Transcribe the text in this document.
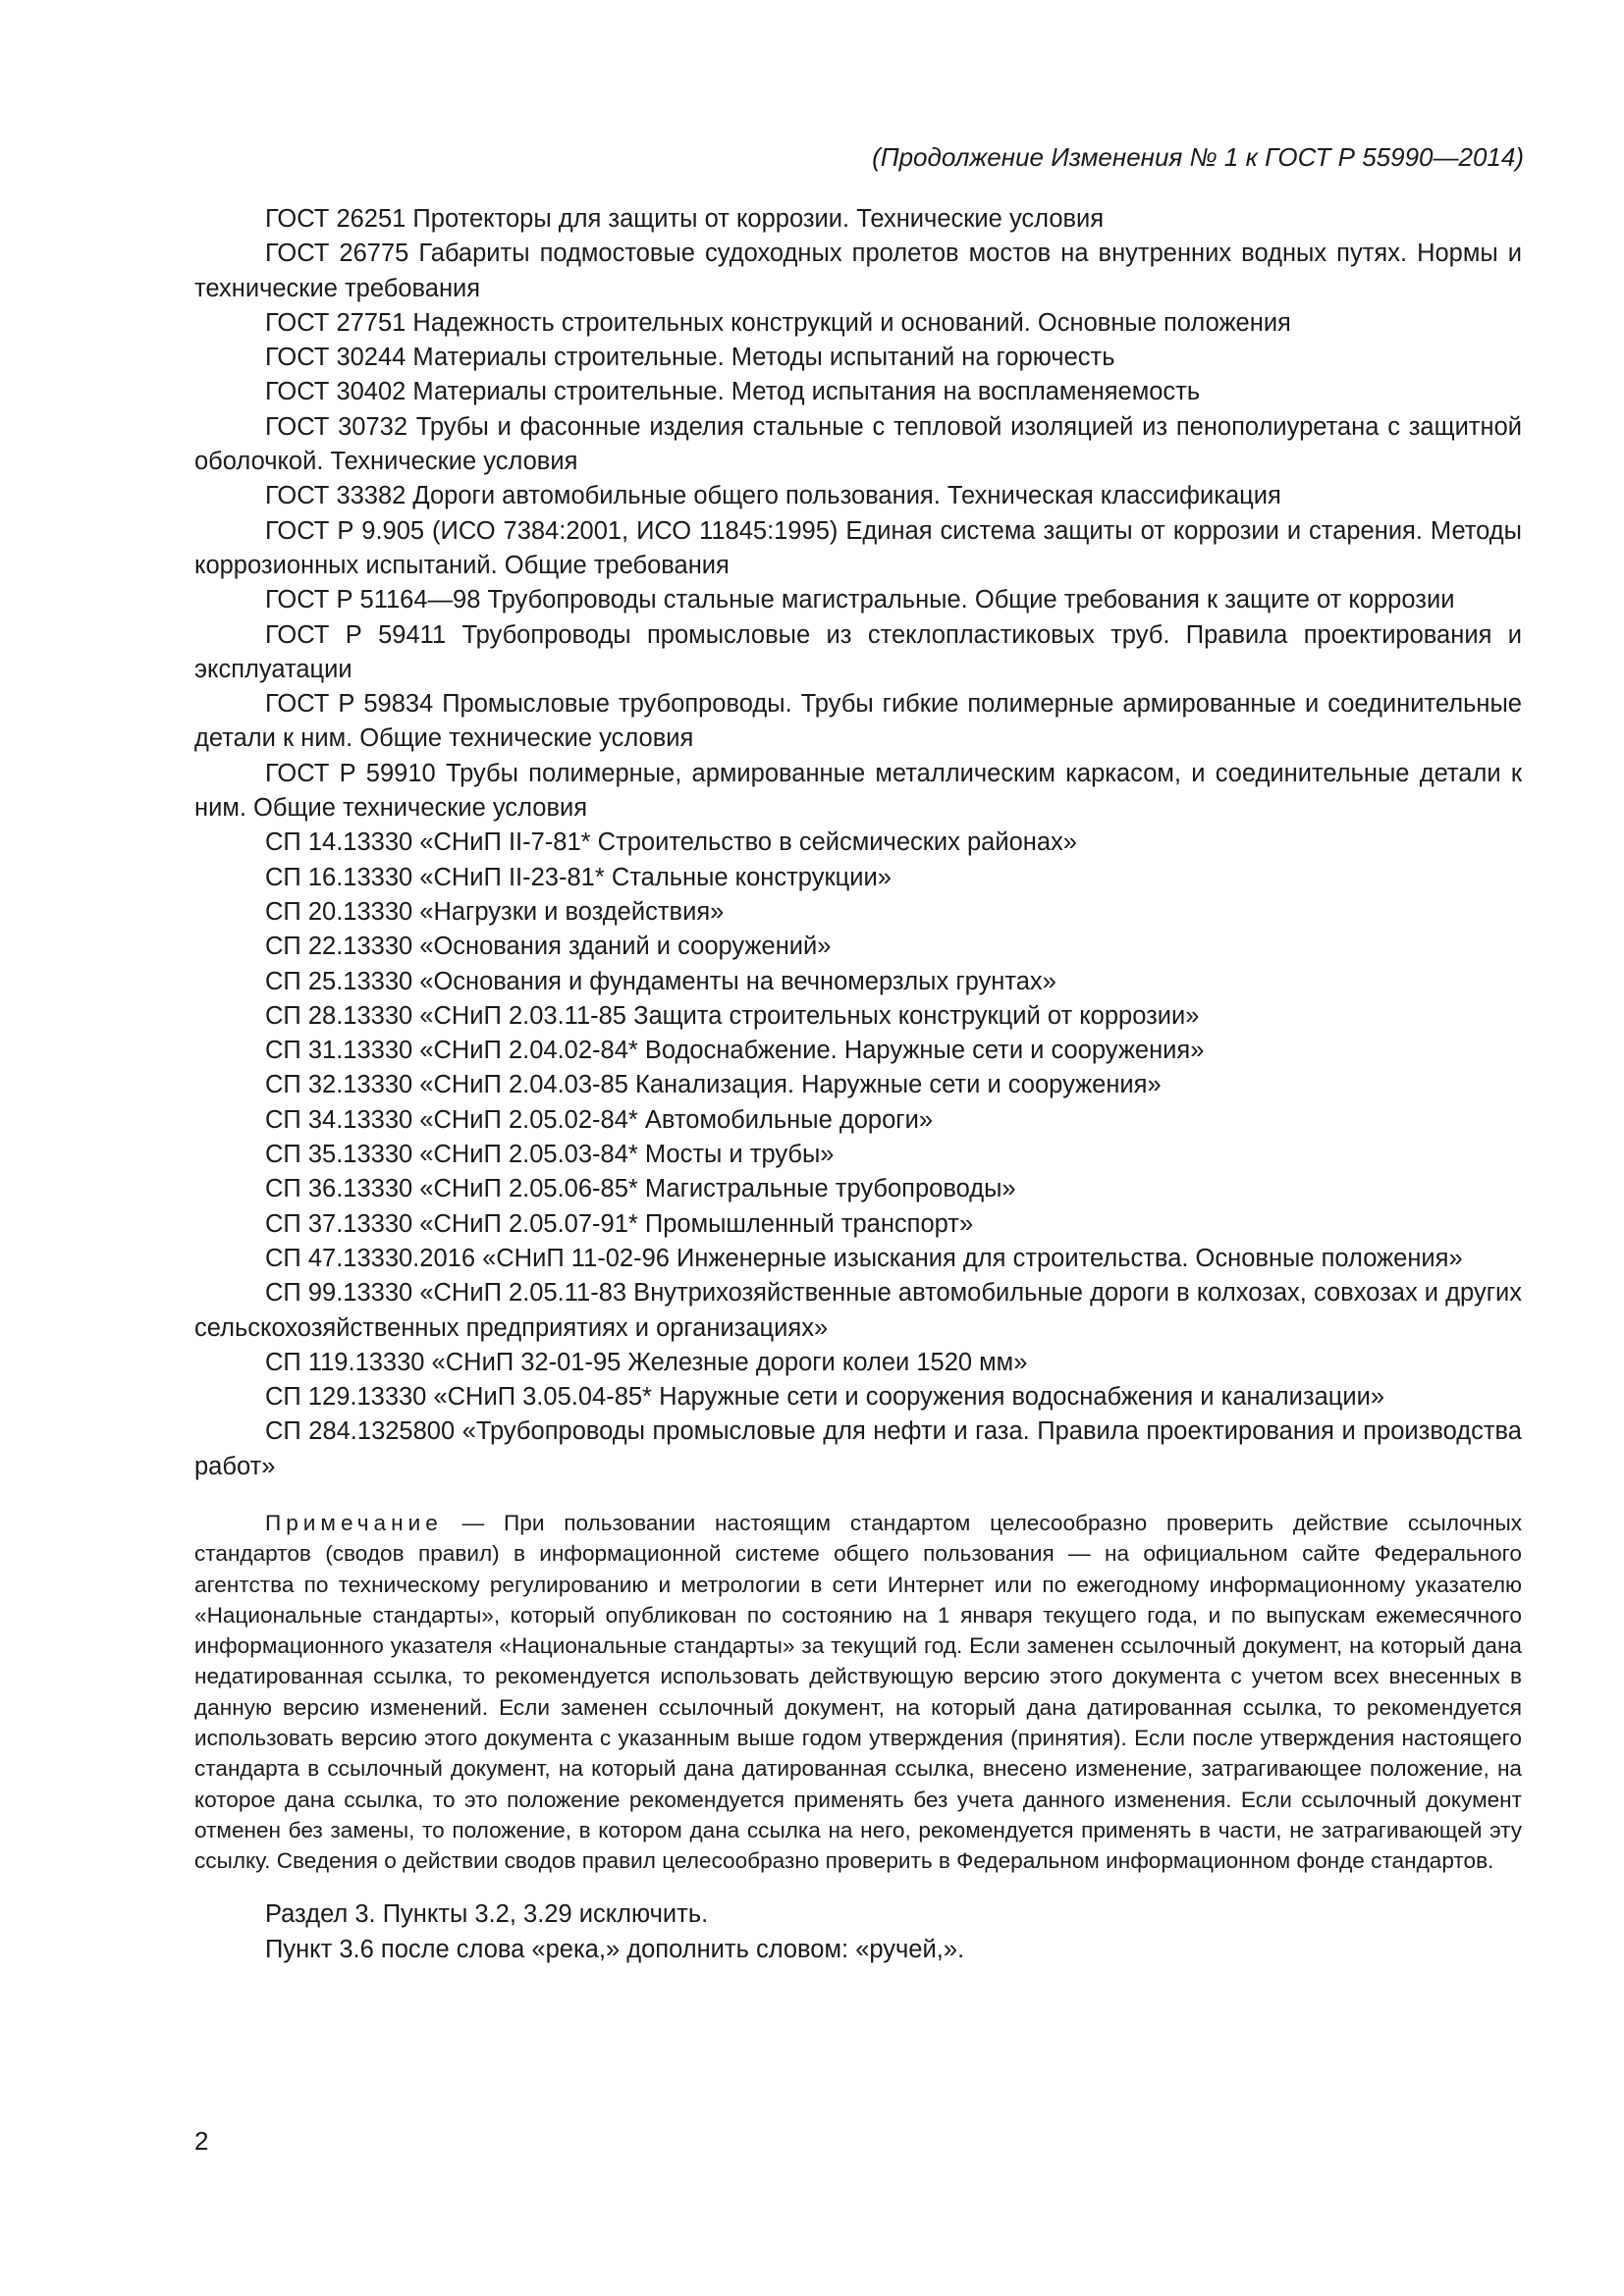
(Продолжение Изменения № 1 к ГОСТ Р 55990—2014)

ГОСТ 26251 Протекторы для защиты от коррозии. Технические условия

ГОСТ 26775 Габариты подмостовые судоходных пролетов мостов на внутренних водных путях. Нормы и технические требования

ГОСТ 27751 Надежность строительных конструкций и оснований. Основные положения

ГОСТ 30244 Материалы строительные. Методы испытаний на горючесть

ГОСТ 30402 Материалы строительные. Метод испытания на воспламеняемость

ГОСТ 30732 Трубы и фасонные изделия стальные с тепловой изоляцией из пенополиуретана с защитной оболочкой. Технические условия

ГОСТ 33382 Дороги автомобильные общего пользования. Техническая классификация

ГОСТ Р 9.905 (ИСО 7384:2001, ИСО 11845:1995) Единая система защиты от коррозии и старения. Методы коррозионных испытаний. Общие требования

ГОСТ Р 51164—98 Трубопроводы стальные магистральные. Общие требования к защите от коррозии

ГОСТ Р 59411 Трубопроводы промысловые из стеклопластиковых труб. Правила проектирования и эксплуатации

ГОСТ Р 59834 Промысловые трубопроводы. Трубы гибкие полимерные армированные и соединительные детали к ним. Общие технические условия

ГОСТ Р 59910 Трубы полимерные, армированные металлическим каркасом, и соединительные детали к ним. Общие технические условия

СП 14.13330 «СНиП II-7-81* Строительство в сейсмических районах»

СП 16.13330 «СНиП II-23-81* Стальные конструкции»

СП 20.13330 «Нагрузки и воздействия»

СП 22.13330 «Основания зданий и сооружений»

СП 25.13330 «Основания и фундаменты на вечномерзлых грунтах»

СП 28.13330 «СНиП 2.03.11-85 Защита строительных конструкций от коррозии»

СП 31.13330 «СНиП 2.04.02-84* Водоснабжение. Наружные сети и сооружения»

СП 32.13330 «СНиП 2.04.03-85 Канализация. Наружные сети и сооружения»

СП 34.13330 «СНиП 2.05.02-84* Автомобильные дороги»

СП 35.13330 «СНиП 2.05.03-84* Мосты и трубы»

СП 36.13330 «СНиП 2.05.06-85* Магистральные трубопроводы»

СП 37.13330 «СНиП 2.05.07-91* Промышленный транспорт»

СП 47.13330.2016 «СНиП 11-02-96 Инженерные изыскания для строительства. Основные положения»

СП 99.13330 «СНиП 2.05.11-83 Внутрихозяйственные автомобильные дороги в колхозах, совхозах и других сельскохозяйственных предприятиях и организациях»

СП 119.13330 «СНиП 32-01-95 Железные дороги колеи 1520 мм»

СП 129.13330 «СНиП 3.05.04-85* Наружные сети и сооружения водоснабжения и канализации»

СП 284.1325800 «Трубопроводы промысловые для нефти и газа. Правила проектирования и производства работ»

Примечание — При пользовании настоящим стандартом целесообразно проверить действие ссылочных стандартов (сводов правил) в информационной системе общего пользования — на официальном сайте Федерального агентства по техническому регулированию и метрологии в сети Интернет или по ежегодному информационному указателю «Национальные стандарты», который опубликован по состоянию на 1 января текущего года, и по выпускам ежемесячного информационного указателя «Национальные стандарты» за текущий год. Если заменен ссылочный документ, на который дана недатированная ссылка, то рекомендуется использовать действующую версию этого документа с учетом всех внесенных в данную версию изменений. Если заменен ссылочный документ, на который дана датированная ссылка, то рекомендуется использовать версию этого документа с указанным выше годом утверждения (принятия). Если после утверждения настоящего стандарта в ссылочный документ, на который дана датированная ссылка, внесено изменение, затрагивающее положение, на которое дана ссылка, то это положение рекомендуется применять без учета данного изменения. Если ссылочный документ отменен без замены, то положение, в котором дана ссылка на него, рекомендуется применять в части, не затрагивающей эту ссылку. Сведения о действии сводов правил целесообразно проверить в Федеральном информационном фонде стандартов.

Раздел 3. Пункты 3.2, 3.29 исключить.

Пункт 3.6 после слова «река,» дополнить словом: «ручей,».

2
